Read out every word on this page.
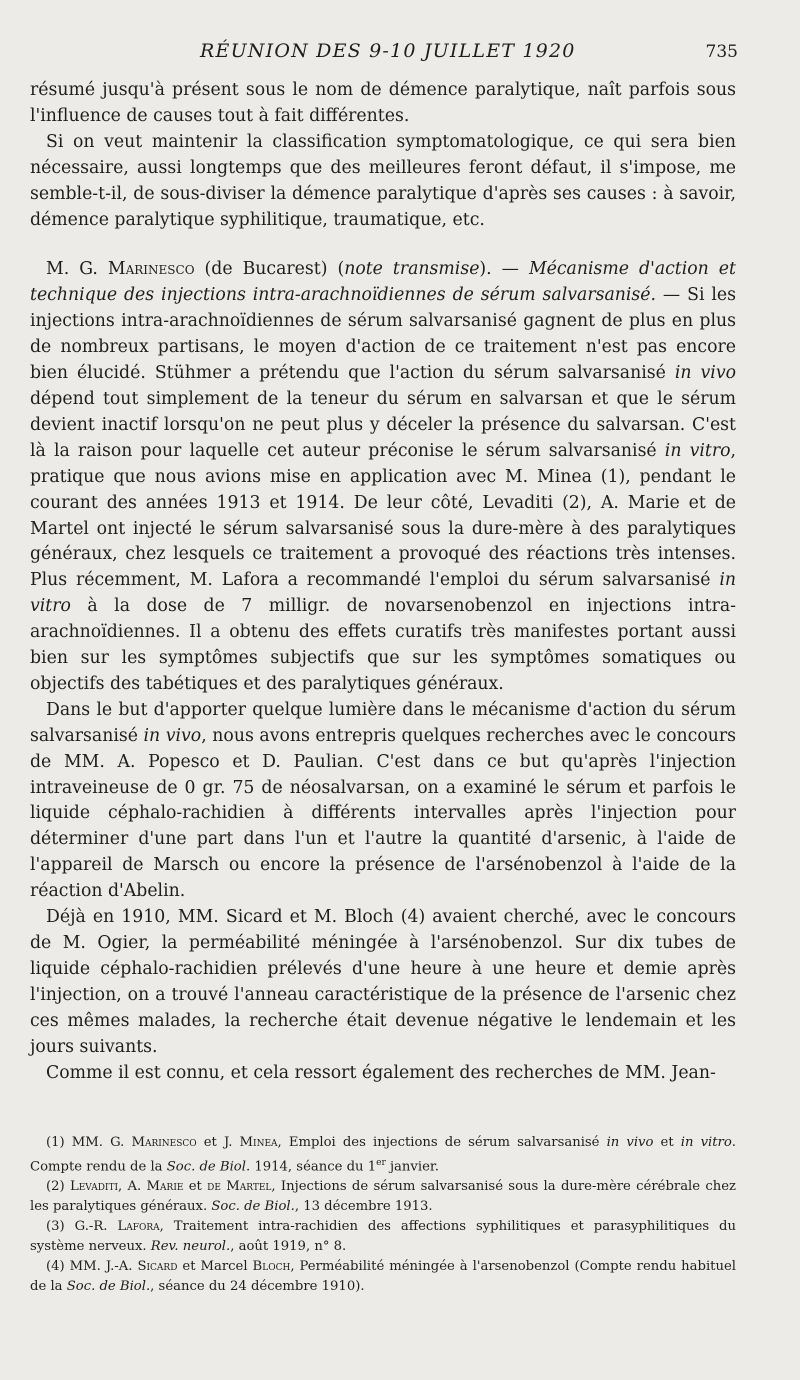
RÉUNION DES 9-10 JUILLET 1920	735

résumé jusqu'à présent sous le nom de démence paralytique, naît parfois sous l'influence de causes tout à fait différentes.

Si on veut maintenir la classification symptomatologique, ce qui sera bien nécessaire, aussi longtemps que des meilleures feront défaut, il s'impose, me semble-t-il, de sous-diviser la démence paralytique d'après ses causes : à savoir, démence paralytique syphilitique, traumatique, etc.

M. G. Marinesco (de Bucarest) (note transmise). — Mécanisme d'action et technique des injections intra-arachnoïdiennes de sérum salvarsanisé. — Si les injections intra-arachnoïdiennes de sérum salvarsanisé gagnent de plus en plus de nombreux partisans, le moyen d'action de ce traitement n'est pas encore bien élucidé. Stühmer a prétendu que l'action du sérum salvarsanisé in vivo dépend tout simplement de la teneur du sérum en salvarsan et que le sérum devient inactif lorsqu'on ne peut plus y déceler la présence du salvarsan. C'est là la raison pour laquelle cet auteur préconise le sérum salvarsanisé in vitro, pratique que nous avions mise en application avec M. Minea (1), pendant le courant des années 1913 et 1914. De leur côté, Levaditi (2), A. Marie et de Martel ont injecté le sérum salvarsanisé sous la dure-mère à des paralytiques généraux, chez lesquels ce traitement a provoqué des réactions très intenses. Plus récemment, M. Lafora a recommandé l'emploi du sérum salvarsanisé in vitro à la dose de 7 milligr. de novarsenobenzol en injections intra-arachnoïdiennes. Il a obtenu des effets curatifs très manifestes portant aussi bien sur les symptômes subjectifs que sur les symptômes somatiques ou objectifs des tabétiques et des paralytiques généraux.

Dans le but d'apporter quelque lumière dans le mécanisme d'action du sérum salvarsanisé in vivo, nous avons entrepris quelques recherches avec le concours de MM. A. Popesco et D. Paulian. C'est dans ce but qu'après l'injection intraveineuse de 0 gr. 75 de néosalvarsan, on a examiné le sérum et parfois le liquide céphalo-rachidien à différents intervalles après l'injection pour déterminer d'une part dans l'un et l'autre la quantité d'arsenic, à l'aide de l'appareil de Marsch ou encore la présence de l'arsénobenzol à l'aide de la réaction d'Abelin.

Déjà en 1910, MM. Sicard et M. Bloch (4) avaient cherché, avec le concours de M. Ogier, la perméabilité méningée à l'arsénobenzol. Sur dix tubes de liquide céphalo-rachidien prélevés d'une heure à une heure et demie après l'injection, on a trouvé l'anneau caractéristique de la présence de l'arsenic chez ces mêmes malades, la recherche était devenue négative le lendemain et les jours suivants.

Comme il est connu, et cela ressort également des recherches de MM. Jean-

(1) MM. G. Marinesco et J. Minea, Emploi des injections de sérum salvarsanisé in vivo et in vitro. Compte rendu de la Soc. de Biol. 1914, séance du 1er janvier.

(2) Levaditi, A. Marie et de Martel, Injections de sérum salvarsanisé sous la dure-mère cérébrale chez les paralytiques généraux. Soc. de Biol., 13 décembre 1913.

(3) G.-R. Lafora, Traitement intra-rachidien des affections syphilitiques et parasyphilitiques du système nerveux. Rev. neurol., août 1919, n° 8.

(4) MM. J.-A. Sicard et Marcel Bloch, Perméabilité méningée à l'arsenobenzol (Compte rendu habituel de la Soc. de Biol., séance du 24 décembre 1910).
